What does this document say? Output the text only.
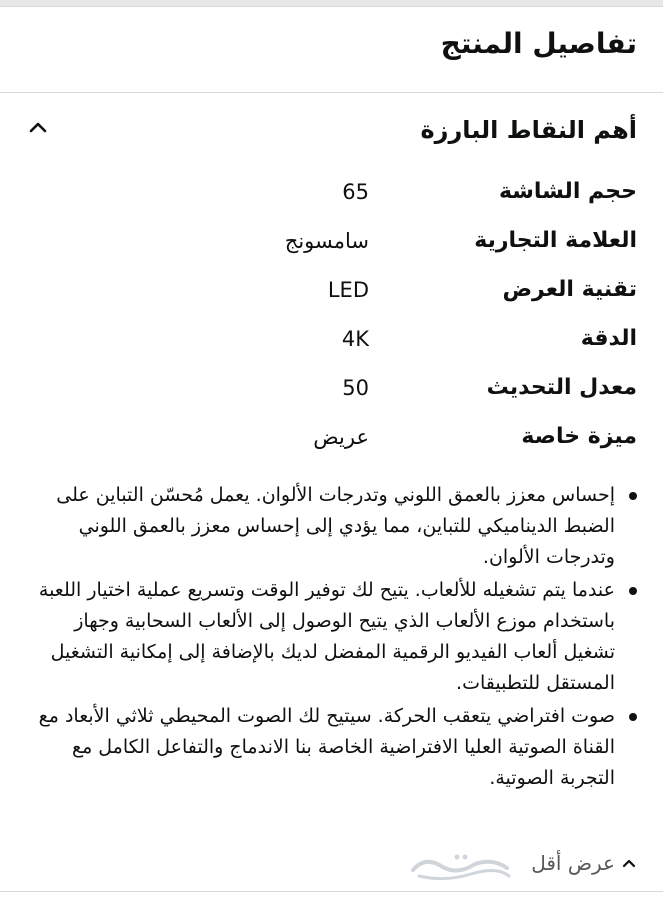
تفاصيل المنتج
أهم النقاط البارزة
حجم الشاشة
65
العلامة التجارية
سامسونج
تقنية العرض
LED
الدقة
4K
معدل التحديث
50
ميزة خاصة
عريض
إحساس معزز بالعمق اللوني وتدرجات الألوان. يعمل مُحسّن التباين على الضبط الديناميكي للتباين، مما يؤدي إلى إحساس معزز بالعمق اللوني وتدرجات الألوان.
عندما يتم تشغيله للألعاب. يتيح لك توفير الوقت وتسريع عملية اختيار اللعبة باستخدام موزع الألعاب الذي يتيح الوصول إلى الألعاب السحابية وجهاز تشغيل ألعاب الفيديو الرقمية المفضل لديك بالإضافة إلى إمكانية التشغيل المستقل للتطبيقات.
صوت افتراضي يتعقب الحركة. سيتيح لك الصوت المحيطي ثلاثي الأبعاد مع القناة الصوتية العليا الافتراضية الخاصة بنا الاندماج والتفاعل الكامل مع التجربة الصوتية.
عرض أقل
